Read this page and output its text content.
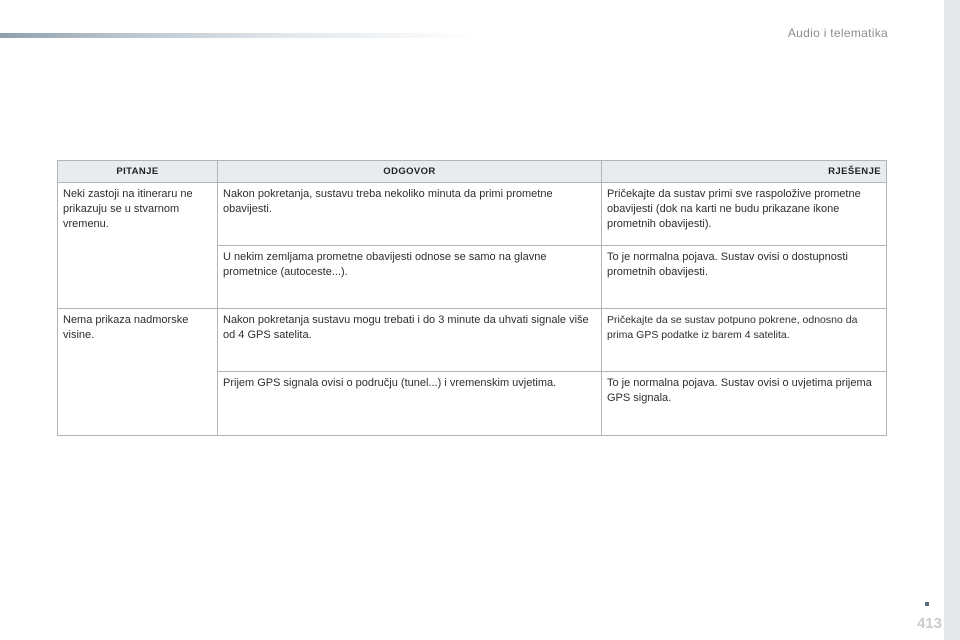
Audio i telematika
PITANJE	ODGOVOR	RJEŠENJE
Neki zastoji na itineraru ne prikazuju se u stvarnom vremenu.	Nakon pokretanja, sustavu treba nekoliko minuta da primi prometne obavijesti.	Pričekajte da sustav primi sve raspoložive prometne obavijesti (dok na karti ne budu prikazane ikone prometnih obavijesti).
	U nekim zemljama prometne obavijesti odnose se samo na glavne prometnice (autoceste...).	To je normalna pojava. Sustav ovisi o dostupnosti prometnih obavijesti.
Nema prikaza nadmorske visine.	Nakon pokretanja sustavu mogu trebati i do 3 minute da uhvati signale više od 4 GPS satelita.	Pričekajte da se sustav potpuno pokrene, odnosno da prima GPS podatke iz barem 4 satelita.
	Prijem GPS signala ovisi o području (tunel...) i vremenskim uvjetima.	To je normalna pojava. Sustav ovisi o uvjetima prijema GPS signala.
413
